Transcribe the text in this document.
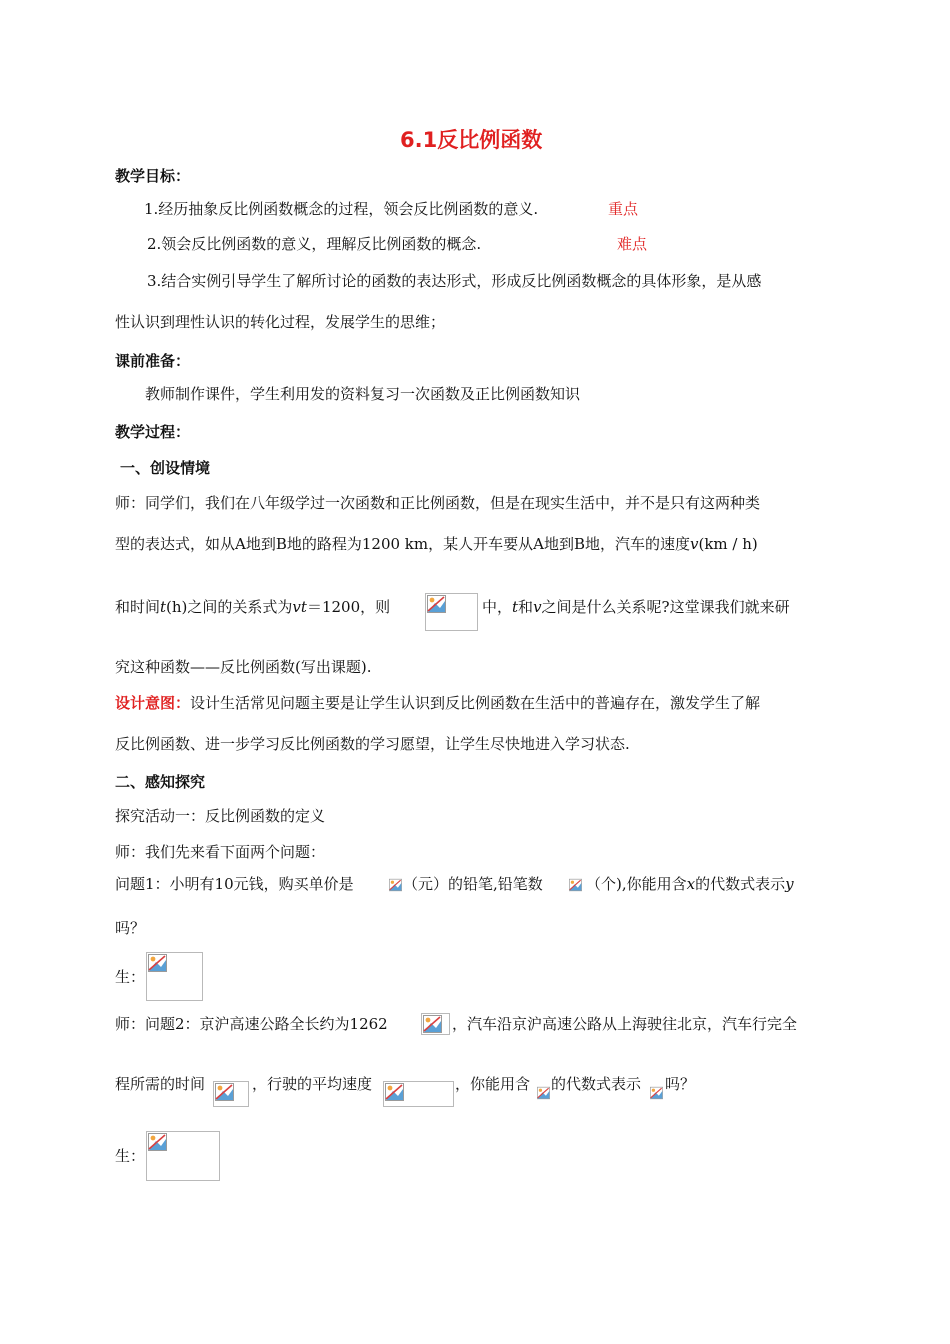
6.1反比例函数
教学目标：
1.经历抽象反比例函数概念的过程，领会反比例函数的意义.	重点
2.领会反比例函数的意义，理解反比例函数的概念.	难点
3.结合实例引导学生了解所讨论的函数的表达形式，形成反比例函数概念的具体形象，是从感
性认识到理性认识的转化过程，发展学生的思维；
课前准备：
教师制作课件，学生利用发的资料复习一次函数及正比例函数知识
教学过程：
一、创设情境
师：同学们，我们在八年级学过一次函数和正比例函数，但是在现实生活中，并不是只有这两种类
型的表达式，如从A地到B地的路程为1200 km，某人开车要从A地到B地，汽车的速度v(km / h)
和时间t(h)之间的关系式为vt＝1200，则	中，t和v之间是什么关系呢?这堂课我们就来研
究这种函数——反比例函数(写出课题).
设计意图：设计生活常见问题主要是让学生认识到反比例函数在生活中的普遍存在，激发学生了解
反比例函数、进一步学习反比例函数的学习愿望，让学生尽快地进入学习状态.
二、感知探究
探究活动一：反比例函数的定义
师：我们先来看下面两个问题：
问题1：小明有10元钱，购买单价是	（元）的铅笔,铅笔数	（个),你能用含x的代数式表示y
吗？
生：
师：问题2：京沪高速公路全长约为1262	，汽车沿京沪高速公路从上海驶往北京，汽车行完全
程所需的时间	，行驶的平均速度	，你能用含 的代数式表示 吗？
生：
